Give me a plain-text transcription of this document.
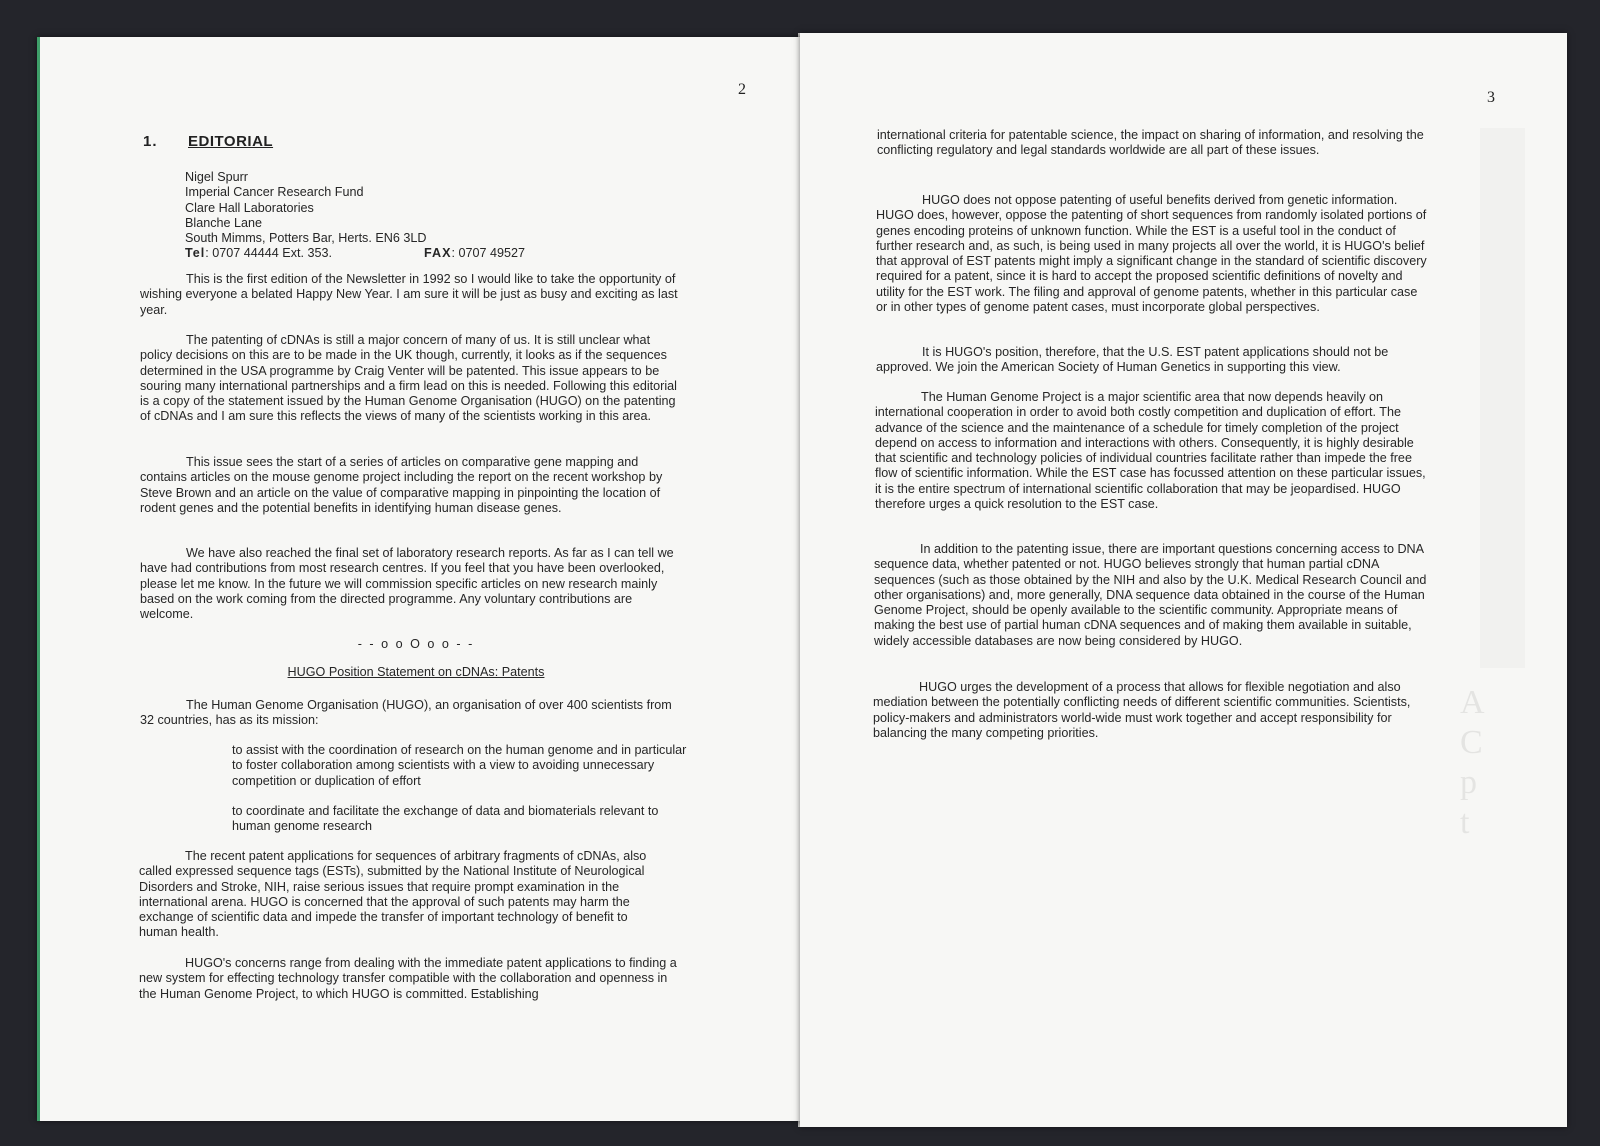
2
1. EDITORIAL
Nigel Spurr
Imperial Cancer Research Fund
Clare Hall Laboratories
Blanche Lane
South Mimms, Potters Bar, Herts. EN6 3LD
Tel: 0707 44444 Ext. 353.	FAX: 0707 49527

This is the first edition of the Newsletter in 1992 so I would like to take the opportunity of wishing everyone a belated Happy New Year. I am sure it will be just as busy and exciting as last year.

The patenting of cDNAs is still a major concern of many of us. It is still unclear what policy decisions on this are to be made in the UK though, currently, it looks as if the sequences determined in the USA programme by Craig Venter will be patented. This issue appears to be souring many international partnerships and a firm lead on this is needed. Following this editorial is a copy of the statement issued by the Human Genome Organisation (HUGO) on the patenting of cDNAs and I am sure this reflects the views of many of the scientists working in this area.

This issue sees the start of a series of articles on comparative gene mapping and contains articles on the mouse genome project including the report on the recent workshop by Steve Brown and an article on the value of comparative mapping in pinpointing the location of rodent genes and the potential benefits in identifying human disease genes.

We have also reached the final set of laboratory research reports. As far as I can tell we have had contributions from most research centres. If you feel that you have been overlooked, please let me know. In the future we will commission specific articles on new research mainly based on the work coming from the directed programme. Any voluntary contributions are welcome.

- - o o O o o - -
HUGO Position Statement on cDNAs: Patents

The Human Genome Organisation (HUGO), an organisation of over 400 scientists from 32 countries, has as its mission:

to assist with the coordination of research on the human genome and in particular to foster collaboration among scientists with a view to avoiding unnecessary competition or duplication of effort
to coordinate and facilitate the exchange of data and biomaterials relevant to human genome research

The recent patent applications for sequences of arbitrary fragments of cDNAs, also called expressed sequence tags (ESTs), submitted by the National Institute of Neurological Disorders and Stroke, NIH, raise serious issues that require prompt examination in the international arena. HUGO is concerned that the approval of such patents may harm the exchange of scientific data and impede the transfer of important technology of benefit to human health.

HUGO's concerns range from dealing with the immediate patent applications to finding a new system for effecting technology transfer compatible with the collaboration and openness in the Human Genome Project, to which HUGO is committed. Establishing

A
C
p
t
3
international criteria for patentable science, the impact on sharing of information, and resolving the conflicting regulatory and legal standards worldwide are all part of these issues.

HUGO does not oppose patenting of useful benefits derived from genetic information. HUGO does, however, oppose the patenting of short sequences from randomly isolated portions of genes encoding proteins of unknown function. While the EST is a useful tool in the conduct of further research and, as such, is being used in many projects all over the world, it is HUGO's belief that approval of EST patents might imply a significant change in the standard of scientific discovery required for a patent, since it is hard to accept the proposed scientific definitions of novelty and utility for the EST work. The filing and approval of genome patents, whether in this particular case or in other types of genome patent cases, must incorporate global perspectives.

It is HUGO's position, therefore, that the U.S. EST patent applications should not be approved. We join the American Society of Human Genetics in supporting this view.

The Human Genome Project is a major scientific area that now depends heavily on international cooperation in order to avoid both costly competition and duplication of effort. The advance of the science and the maintenance of a schedule for timely completion of the project depend on access to information and interactions with others. Consequently, it is highly desirable that scientific and technology policies of individual countries facilitate rather than impede the free flow of scientific information. While the EST case has focussed attention on these particular issues, it is the entire spectrum of international scientific collaboration that may be jeopardised. HUGO therefore urges a quick resolution to the EST case.

In addition to the patenting issue, there are important questions concerning access to DNA sequence data, whether patented or not. HUGO believes strongly that human partial cDNA sequences (such as those obtained by the NIH and also by the U.K. Medical Research Council and other organisations) and, more generally, DNA sequence data obtained in the course of the Human Genome Project, should be openly available to the scientific community. Appropriate means of making the best use of partial human cDNA sequences and of making them available in suitable, widely accessible databases are now being considered by HUGO.

HUGO urges the development of a process that allows for flexible negotiation and also mediation between the potentially conflicting needs of different scientific communities. Scientists, policy-makers and administrators world-wide must work together and accept responsibility for balancing the many competing priorities.
